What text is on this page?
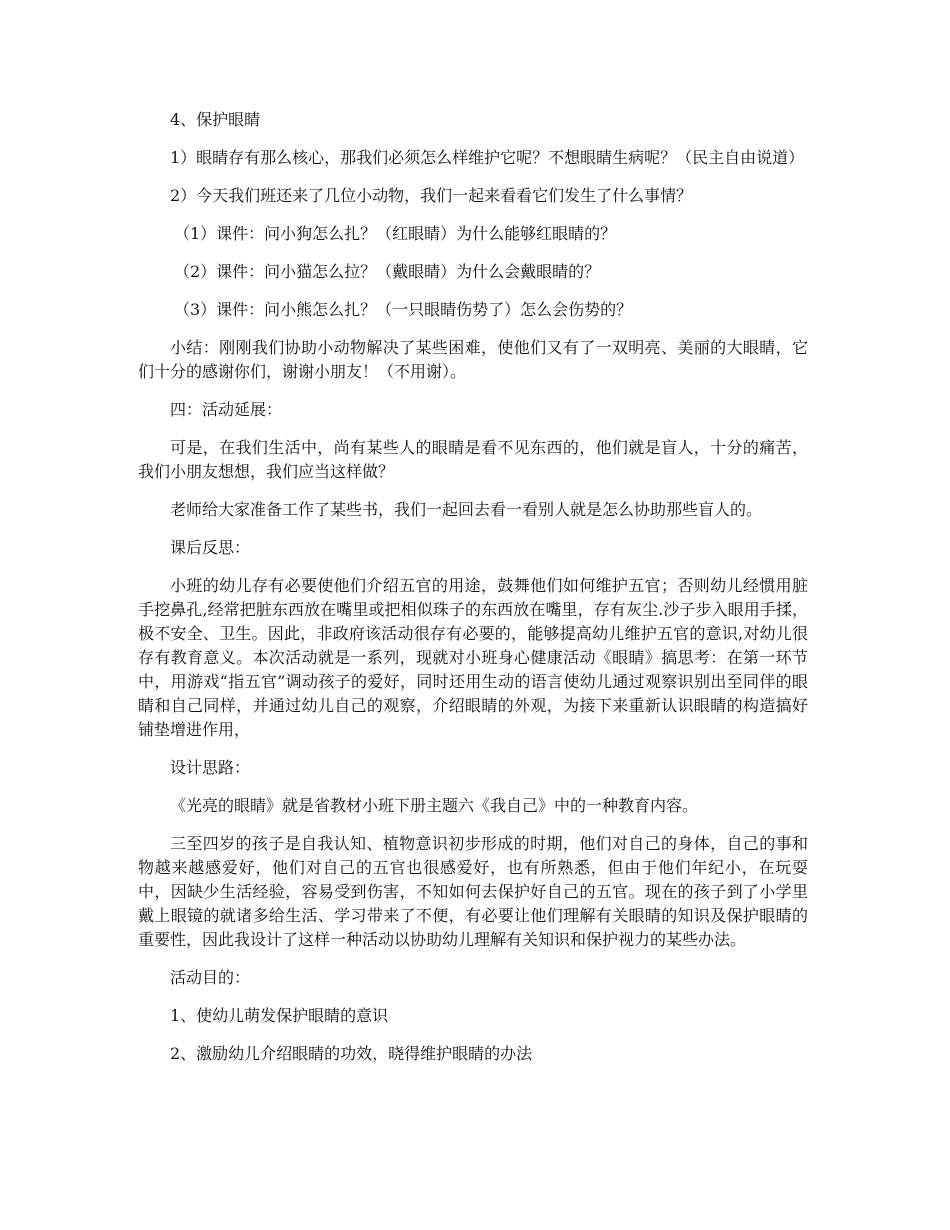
4、保护眼睛

1）眼睛存有那么核心，那我们必须怎么样维护它呢？不想眼睛生病呢？（民主自由说道）

2）今天我们班还来了几位小动物，我们一起来看看它们发生了什么事情？

（1）课件：问小狗怎么扎？（红眼睛）为什么能够红眼睛的？

（2）课件：问小猫怎么拉？（戴眼睛）为什么会戴眼睛的？

（3）课件：问小熊怎么扎？（一只眼睛伤势了）怎么会伤势的？

小结：刚刚我们协助小动物解决了某些困难，使他们又有了一双明亮、美丽的大眼睛，它们十分的感谢你们，谢谢小朋友！（不用谢）。

四：活动延展：

可是，在我们生活中，尚有某些人的眼睛是看不见东西的，他们就是盲人，十分的痛苦，我们小朋友想想，我们应当这样做？

老师给大家准备工作了某些书，我们一起回去看一看别人就是怎么协助那些盲人的。

课后反思：

小班的幼儿存有必要使他们介绍五官的用途，鼓舞他们如何维护五官；否则幼儿经惯用脏手挖鼻孔,经常把脏东西放在嘴里或把相似珠子的东西放在嘴里，存有灰尘.沙子步入眼用手揉，极不安全、卫生。因此，非政府该活动很存有必要的，能够提高幼儿维护五官的意识,对幼儿很存有教育意义。本次活动就是一系列，现就对小班身心健康活动《眼睛》搞思考：在第一环节中，用游戏“指五官”调动孩子的爱好，同时还用生动的语言使幼儿通过观察识别出至同伴的眼睛和自己同样，并通过幼儿自己的观察，介绍眼睛的外观，为接下来重新认识眼睛的构造搞好铺垫增进作用，

设计思路：

《光亮的眼睛》就是省教材小班下册主题六《我自己》中的一种教育内容。

三至四岁的孩子是自我认知、植物意识初步形成的时期，他们对自己的身体，自己的事和物越来越感爱好，他们对自己的五官也很感爱好，也有所熟悉，但由于他们年纪小，在玩耍中，因缺少生活经验，容易受到伤害，不知如何去保护好自己的五官。现在的孩子到了小学里戴上眼镜的就诸多给生活、学习带来了不便，有必要让他们理解有关眼睛的知识及保护眼睛的重要性，因此我设计了这样一种活动以协助幼儿理解有关知识和保护视力的某些办法。

活动目的：

1、使幼儿萌发保护眼睛的意识

2、激励幼儿介绍眼睛的功效，晓得维护眼睛的办法
